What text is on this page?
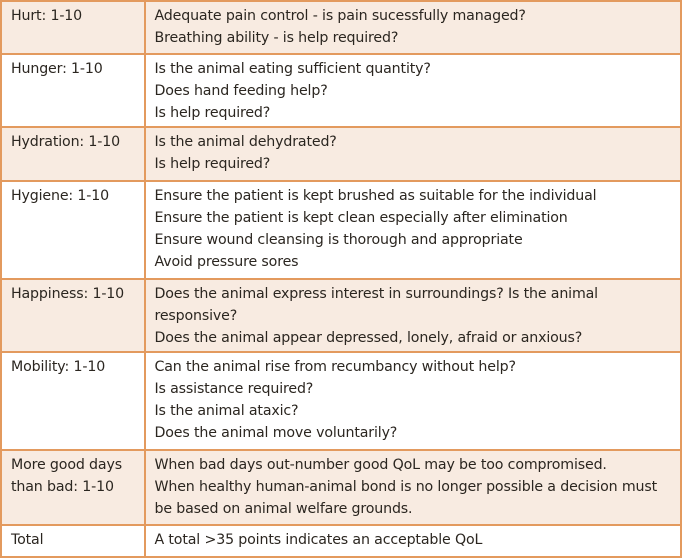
Hurt: 1-10	Adequate pain control - is pain sucessfully managed?
Breathing ability - is help required?

Hunger: 1-10	Is the animal eating sufficient quantity?
Does hand feeding help?
Is help required?

Hydration: 1-10	Is the animal dehydrated?
Is help required?

Hygiene: 1-10	Ensure the patient is kept brushed as suitable for the individual
Ensure the patient is kept clean especially after elimination
Ensure wound cleansing is thorough and appropriate
Avoid pressure sores

Happiness: 1-10	Does the animal express interest in surroundings? Is the animal responsive?
Does the animal appear depressed, lonely, afraid or anxious?

Mobility: 1-10	Can the animal rise from recumbancy without help?
Is assistance required?
Is the animal ataxic?
Does the animal move voluntarily?

More good days than bad: 1-10	When bad days out-number good QoL may be too compromised.
When healthy human-animal bond is no longer possible a decision must be based on animal welfare grounds.

Total	A total >35 points indicates an acceptable QoL
